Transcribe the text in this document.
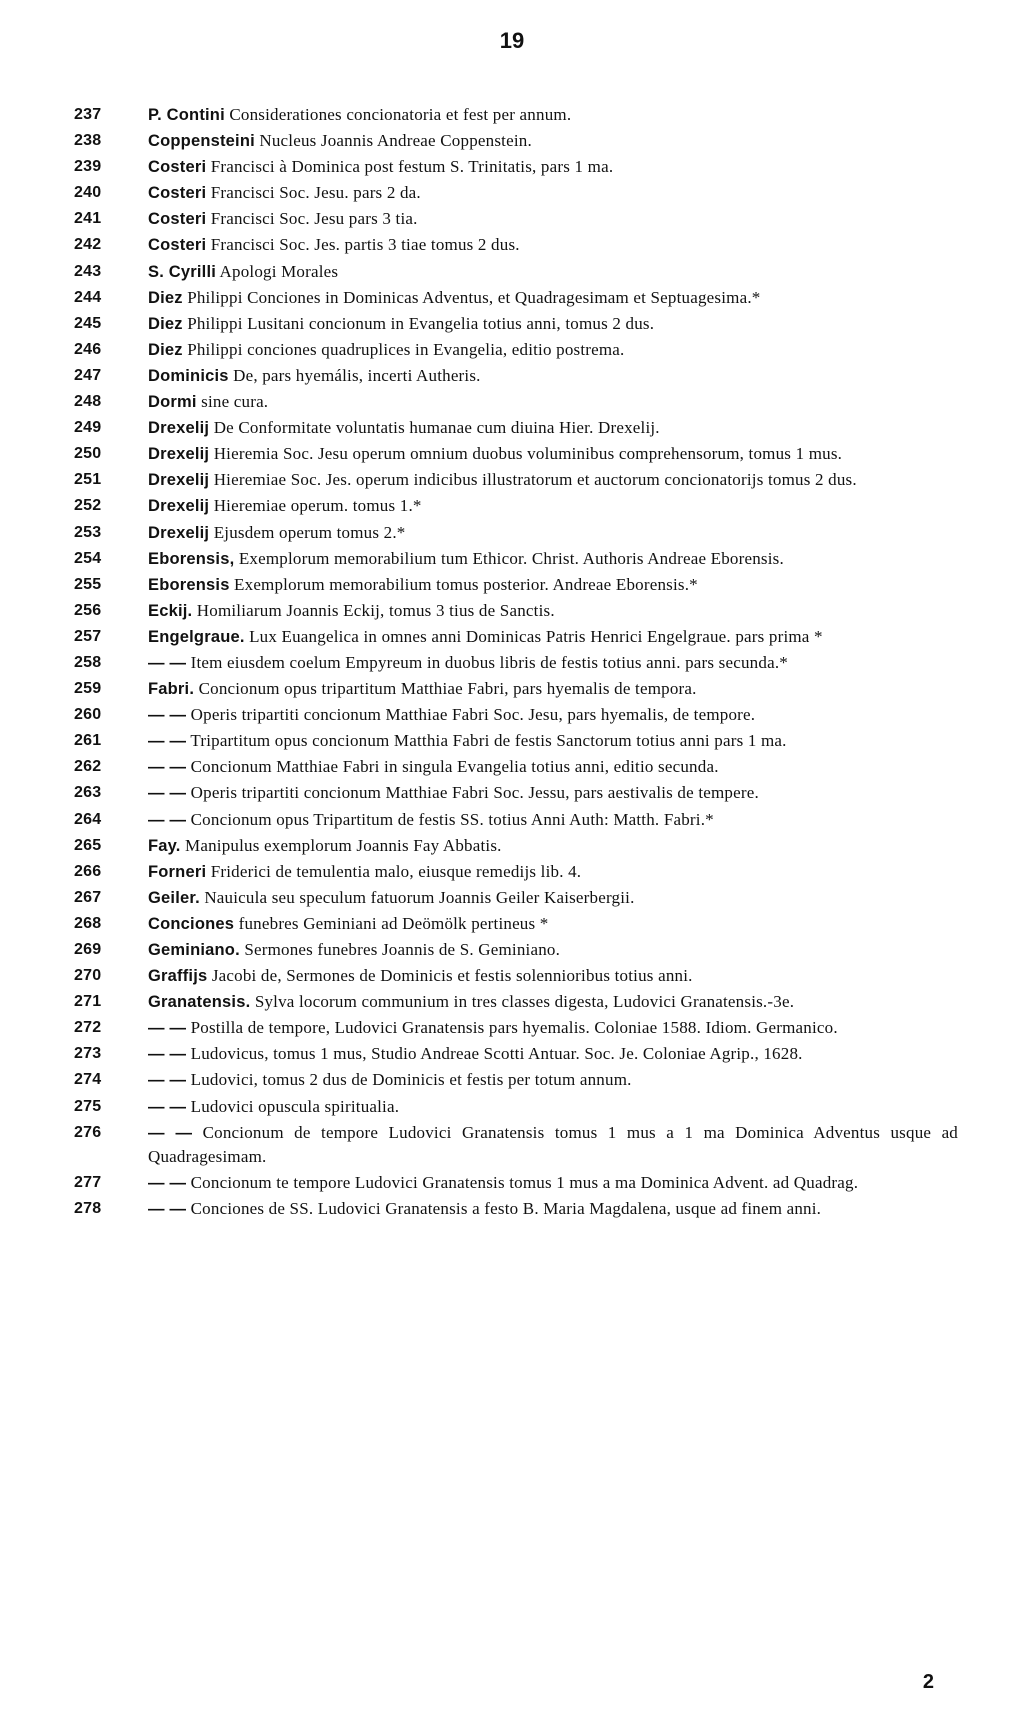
19
237	P. Contini Considerationes concionatoria et fest per annum.
238	Coppensteini Nucleus Joannis Andreae Coppenstein.
239	Costeri Francisci à Dominica post festum S. Trinitatis, pars 1 ma.
240	Costeri Francisci Soc. Jesu. pars 2 da.
241	Costeri Francisci Soc. Jesu pars 3 tia.
242	Costeri Francisci Soc. Jes. partis 3 tiae tomus 2 dus.
243	S. Cyrilli Apologi Morales
244	Diez Philippi Conciones in Dominicas Adventus, et Quadragesimam et Septuagesima.*
245	Diez Philippi Lusitani concionum in Evangelia totius anni, tomus 2 dus.
246	Diez Philippi conciones quadruplices in Evangelia, editio postrema.
247	Dominicis De, pars hyemális, incerti Autheris.
248	Dormi sine cura.
249	Drexelij De Conformitate voluntatis humanae cum diuina Hier. Drexelij.
250	Drexelij Hieremia Soc. Jesu operum omnium duobus voluminibus comprehensorum, tomus 1 mus.
251	Drexelij Hieremiae Soc. Jes. operum indicibus illustratorum et auctorum concionatorijs tomus 2 dus.
252	Drexelij Hieremiae operum. tomus 1.*
253	Drexelij Ejusdem operum tomus 2.*
254	Eborensis, Exemplorum memorabilium tum Ethicor. Christ. Authoris Andreae Eborensis.
255	Eborensis Exemplorum memorabilium tomus posterior. Andreae Eborensis.*
256	Eckij. Homiliarum Joannis Eckij, tomus 3 tius de Sanctis.
257	Engelgraue. Lux Euangelica in omnes anni Dominicas Patris Henrici Engelgraue. pars prima *
258	— — Item eiusdem coelum Empyreum in duobus libris de festis totius anni. pars secunda.*
259	Fabri. Concionum opus tripartitum Matthiae Fabri, pars hyemalis de tempora.
260	— — Operis tripartiti concionum Matthiae Fabri Soc. Jesu, pars hyemalis, de tempore.
261	— — Tripartitum opus concionum Matthia Fabri de festis Sanctorum totius anni pars 1 ma.
262	— — Concionum Matthiae Fabri in singula Evangelia totius anni, editio secunda.
263	— — Operis tripartiti concionum Matthiae Fabri Soc. Jessu, pars aestivalis de tempere.
264	— — Concionum opus Tripartitum de festis SS. totius Anni Auth: Matth. Fabri.*
265	Fay. Manipulus exemplorum Joannis Fay Abbatis.
266	Forneri Friderici de temulentia malo, eiusque remedijs lib. 4.
267	Geiler. Nauicula seu speculum fatuorum Joannis Geiler Kaiserbergii.
268	Conciones funebres Geminiani ad Deömölk pertineus *
269	Geminiano. Sermones funebres Joannis de S. Geminiano.
270	Graffijs Jacobi de, Sermones de Dominicis et festis solennioribus totius anni.
271	Granatensis. Sylva locorum communium in tres classes digesta, Ludovici Granatensis.-3e.
272	— — Postilla de tempore, Ludovici Granatensis pars hyemalis. Coloniae 1588. Idiom. Germanico.
273	— — Ludovicus, tomus 1 mus, Studio Andreae Scotti Antuar. Soc. Je. Coloniae Agrip., 1628.
274	— — Ludovici, tomus 2 dus de Dominicis et festis per totum annum.
275	— — Ludovici opuscula spiritualia.
276	— — Concionum de tempore Ludovici Granatensis tomus 1 mus a 1 ma Dominica Adventus usque ad Quadragesimam.
277	— — Concionum te tempore Ludovici Granatensis tomus 1 mus a ma Dominica Advent. ad Quadrag.
278	— — Conciones de SS. Ludovici Granatensis a festo B. Maria Magdalena, usque ad finem anni.
2
